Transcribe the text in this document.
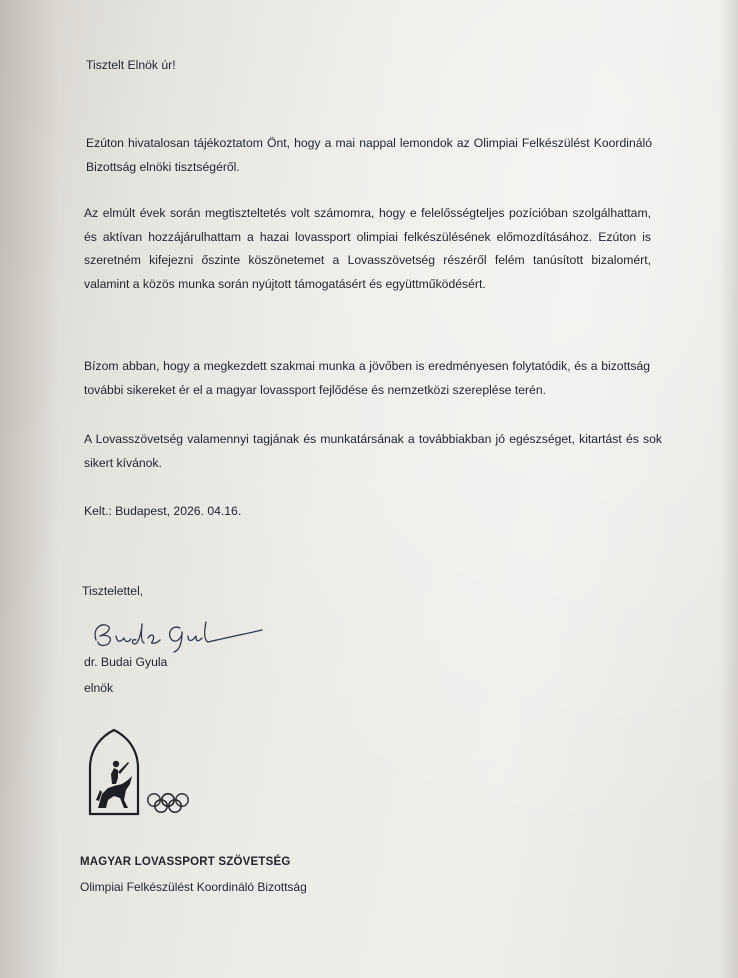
Tisztelt Elnök úr!
Ezúton hivatalosan tájékoztatom Önt, hogy a mai nappal lemondok az Olimpiai Felkészülést Koordináló Bizottság elnöki tisztségéről.
Az elmúlt évek során megtiszteltetés volt számomra, hogy e felelősségteljes pozícióban szolgálhattam, és aktívan hozzájárulhattam a hazai lovassport olimpiai felkészülésének előmozdításához. Ezúton is szeretném kifejezni őszinte köszönetemet a Lovasszövetség részéről felém tanúsított bizalomért, valamint a közös munka során nyújtott támogatásért és együttműködésért.
Bízom abban, hogy a megkezdett szakmai munka a jövőben is eredményesen folytatódik, és a bizottság további sikereket ér el a magyar lovassport fejlődése és nemzetközi szereplése terén.
A Lovasszövetség valamennyi tagjának és munkatársának a továbbiakban jó egészséget, kitartást és sok sikert kívánok.
Kelt.: Budapest, 2026. 04.16.
Tisztelettel,
dr. Budai Gyula
elnök
MAGYAR LOVASSPORT SZÖVETSÉG
Olimpiai Felkészülést Koordináló Bizottság
